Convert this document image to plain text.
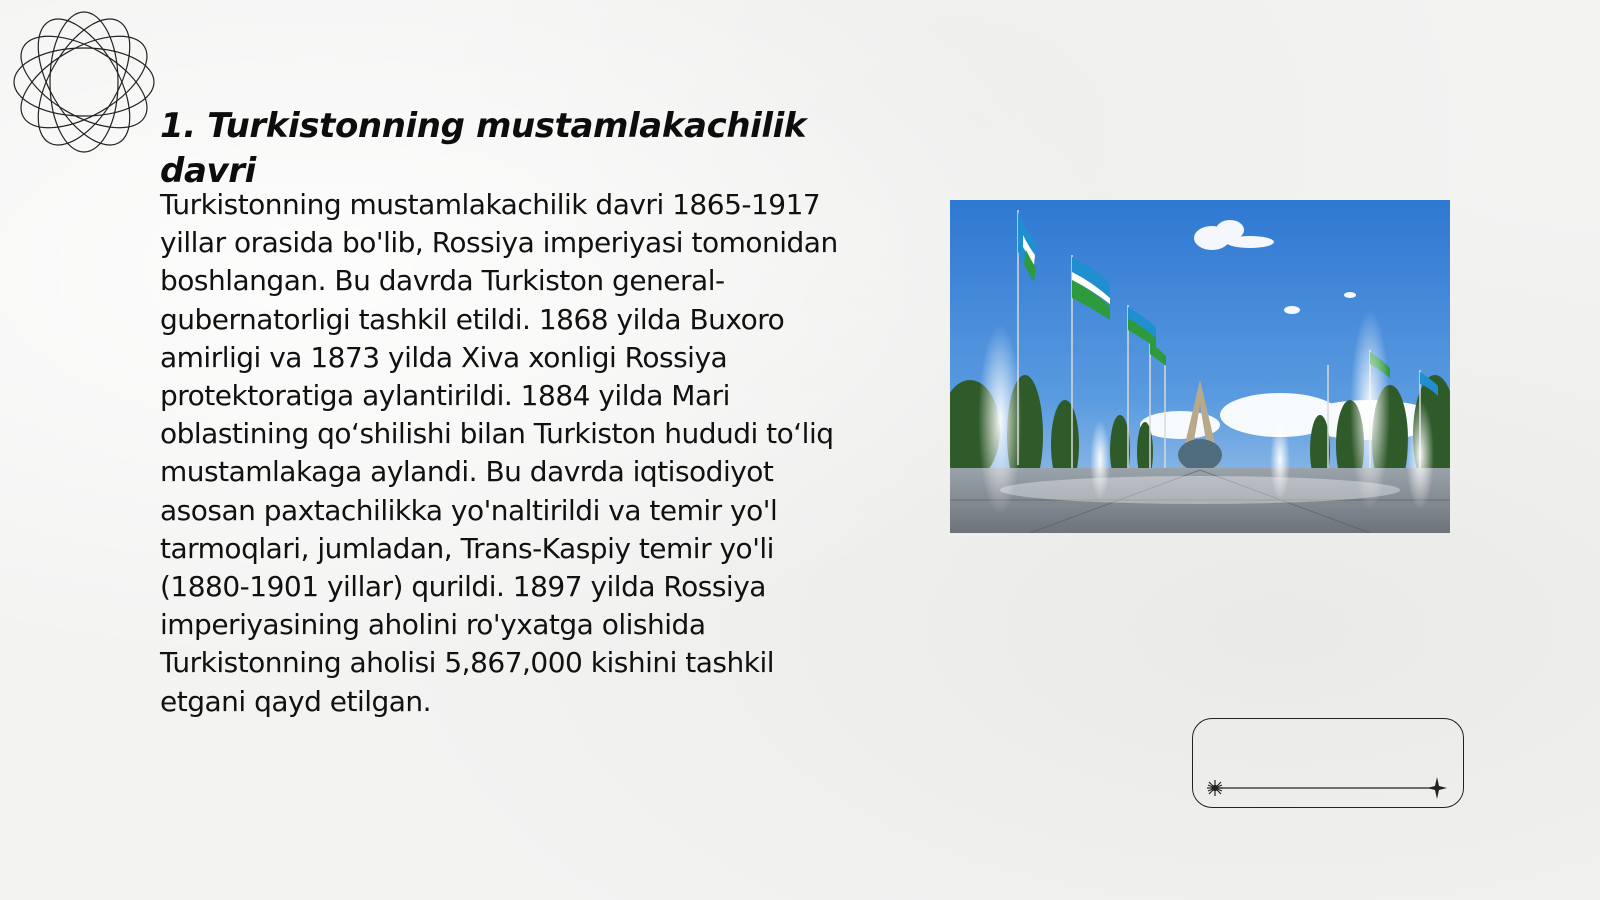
1. Turkistonning mustamlakachilik davri

Turkistonning mustamlakachilik davri 1865-1917 yillar orasida bo'lib, Rossiya imperiyasi tomonidan boshlangan. Bu davrda Turkiston general-gubernatorligi tashkil etildi. 1868 yilda Buxoro amirligi va 1873 yilda Xiva xonligi Rossiya protektoratiga aylantirildi. 1884 yilda Mari oblastining qo‘shilishi bilan Turkiston hududi to‘liq mustamlakaga aylandi. Bu davrda iqtisodiyot asosan paxtachilikka yo'naltirildi va temir yo'l tarmoqlari, jumladan, Trans-Kaspiy temir yo'li (1880-1901 yillar) qurildi. 1897 yilda Rossiya imperiyasining aholini ro'yxatga olishida Turkistonning aholisi 5,867,000 kishini tashkil etgani qayd etilgan.
